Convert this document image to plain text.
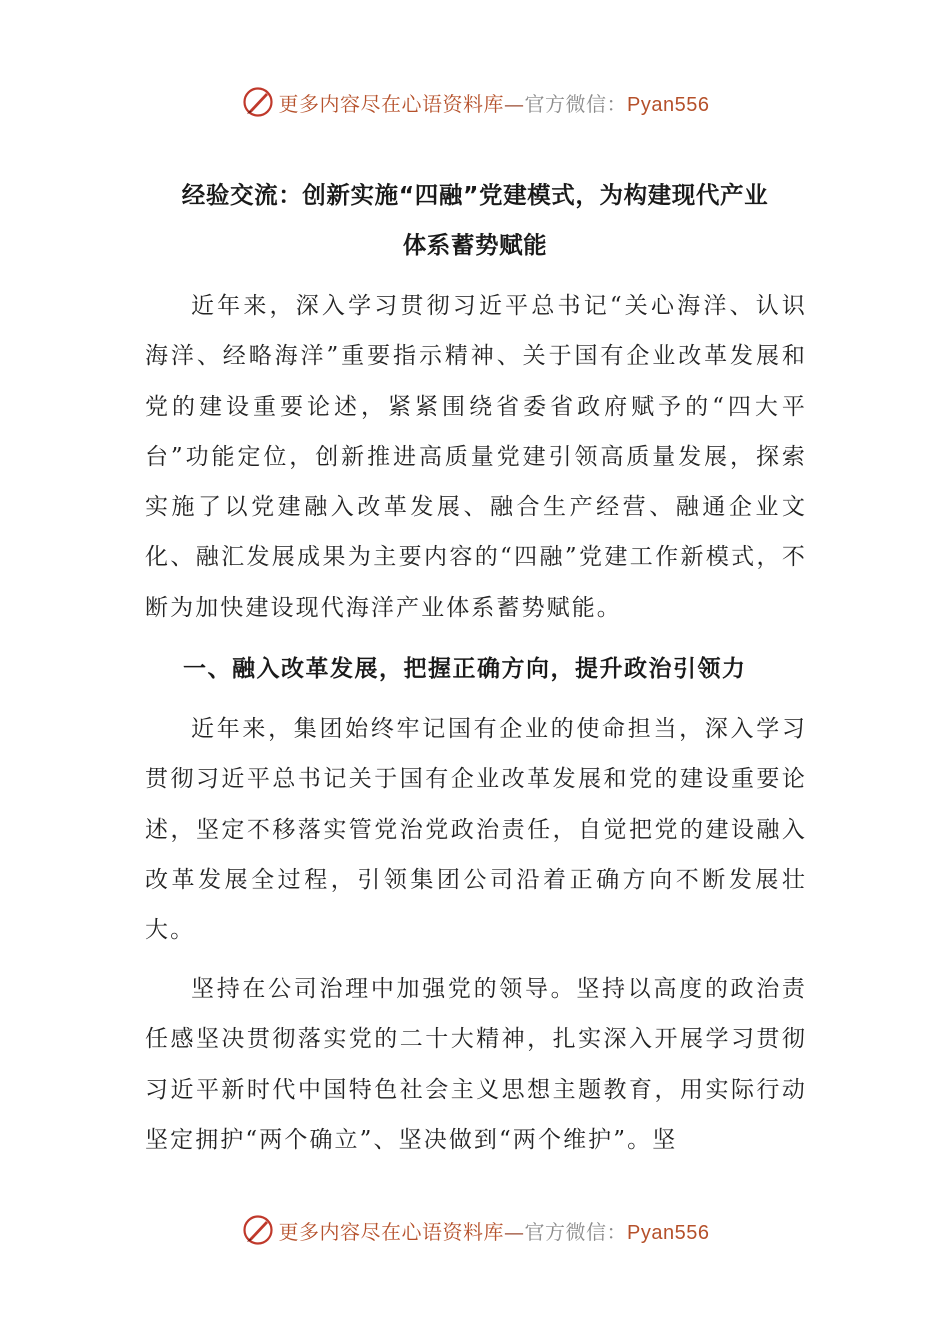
更多内容尽在心语资料库—官方微信：Pyan556
经验交流：创新实施“四融”党建模式，为构建现代产业
体系蓄势赋能

近年来，深入学习贯彻习近平总书记“关心海洋、认识海洋、经略海洋”重要指示精神、关于国有企业改革发展和党的建设重要论述，紧紧围绕省委省政府赋予的“四大平台”功能定位，创新推进高质量党建引领高质量发展，探索实施了以党建融入改革发展、融合生产经营、融通企业文化、融汇发展成果为主要内容的“四融”党建工作新模式，不断为加快建设现代海洋产业体系蓄势赋能。

一、融入改革发展，把握正确方向，提升政治引领力

近年来，集团始终牢记国有企业的使命担当，深入学习贯彻习近平总书记关于国有企业改革发展和党的建设重要论述，坚定不移落实管党治党政治责任，自觉把党的建设融入改革发展全过程，引领集团公司沿着正确方向不断发展壮大。

坚持在公司治理中加强党的领导。坚持以高度的政治责任感坚决贯彻落实党的二十大精神，扎实深入开展学习贯彻习近平新时代中国特色社会主义思想主题教育，用实际行动坚定拥护“两个确立”、坚决做到“两个维护”。坚

更多内容尽在心语资料库—官方微信：Pyan556
